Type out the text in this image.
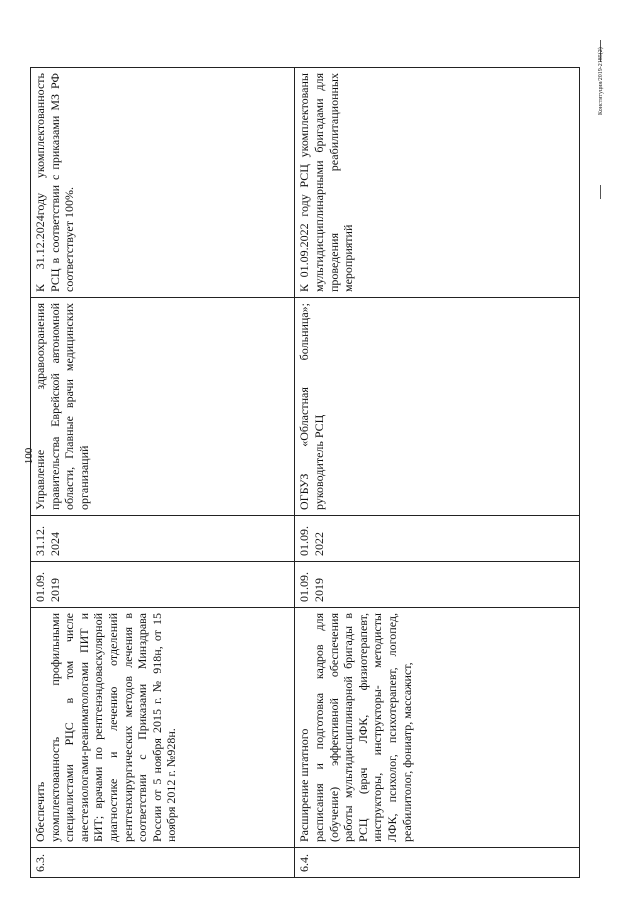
100
Конституция/2019-2185(2)
6.3.	Обеспечить укомплектованность профильными специалистами РЦС в том числе анестезиологами-реаниматологами ПИТ и БИТ; врачами по рентгенэндоваскулярной диагностике и лечению отделений рентгенхирургических методов лечения в соответствии с Приказами Минздрава России от 5 ноября 2015 г. № 918н, от 15 ноября 2012 г. №928н.	01.09. 2019	31.12. 2024	Управление здравоохранения правительства Еврейской автономной области, Главные врачи медицинских организаций	К 31.12.2024году укомплектованность РСЦ в соответствии с приказами МЗ РФ соответствует 100%.
6.4.	Расширение штатного расписания и подготовка кадров для (обучение) эффективной обеспечения работы мультидисциплинарной бригады в РСЦ (врач ЛФК, физиотерапевт, инструкторы, инструкторы- методисты ЛФК, психолог, психотерапевт, логопед, реабилитолог, фониатр, массажист,	01.09. 2019	01.09. 2022	ОГБУЗ «Областная больница»; руководитель РСЦ	К 01.09.2022 году РСЦ укомплектованы мультидисциплинарными бригадами для проведения реабилитационных мероприятий
